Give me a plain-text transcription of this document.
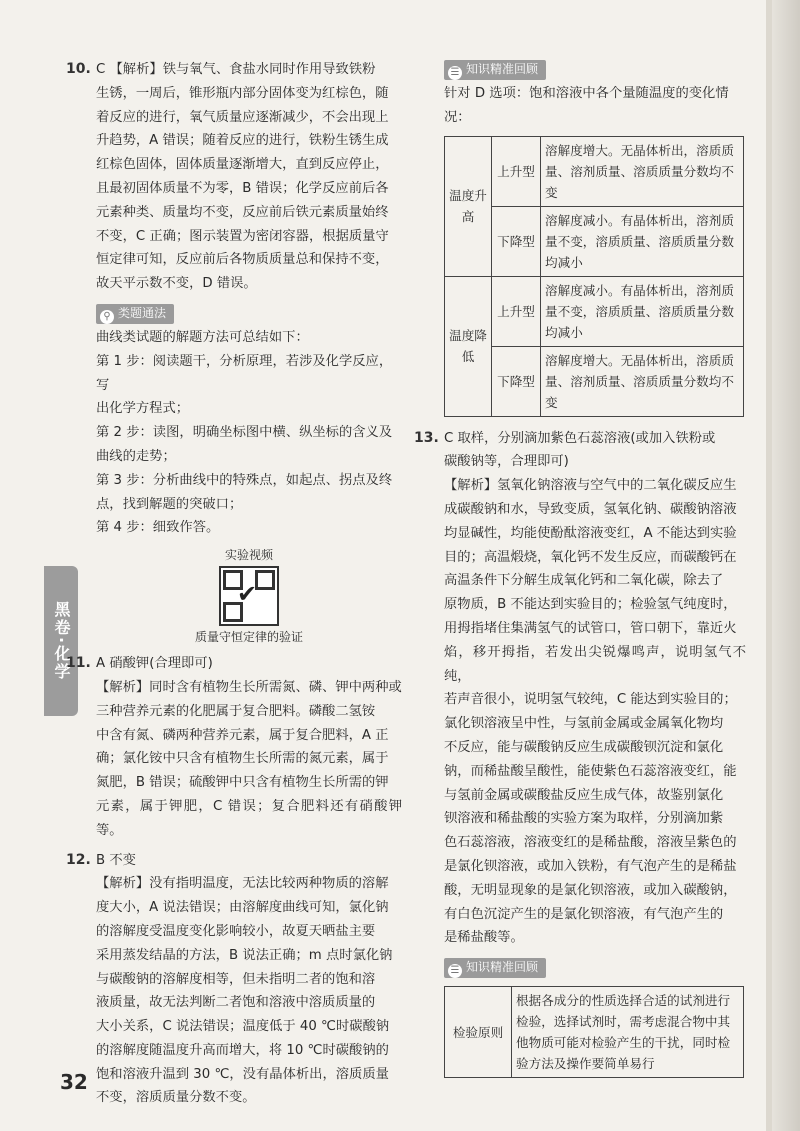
黑卷·化学
10. C 【解析】铁与氧气、食盐水同时作用导致铁粉
生锈，一周后，锥形瓶内部分固体变为红棕色，随
着反应的进行，氧气质量应逐渐减少，不会出现上
升趋势，A 错误；随着反应的进行，铁粉生锈生成
红棕色固体，固体质量逐渐增大，直到反应停止，
且最初固体质量不为零，B 错误；化学反应前后各
元素种类、质量均不变，反应前后铁元素质量始终
不变，C 正确；图示装置为密闭容器，根据质量守
恒定律可知，反应前后各物质质量总和保持不变，
故天平示数不变，D 错误。
⚲ 类题通法
曲线类试题的解题方法可总结如下：
第 1 步：阅读题干，分析原理，若涉及化学反应，写
出化学方程式；
第 2 步：读图，明确坐标图中横、纵坐标的含义及
曲线的走势；
第 3 步：分析曲线中的特殊点，如起点、拐点及终
点，找到解题的突破口；
第 4 步：细致作答。
实验视频
✔
质量守恒定律的验证
11. A 硝酸钾(合理即可)
【解析】同时含有植物生长所需氮、磷、钾中两种或
三种营养元素的化肥属于复合肥料。磷酸二氢铵
中含有氮、磷两种营养元素，属于复合肥料，A 正
确；氯化铵中只含有植物生长所需的氮元素，属于
氮肥，B 错误；硫酸钾中只含有植物生长所需的钾
元素，属于钾肥，C 错误；复合肥料还有硝酸钾等。
12. B 不变
【解析】没有指明温度，无法比较两种物质的溶解
度大小，A 说法错误；由溶解度曲线可知，氯化钠
的溶解度受温度变化影响较小，故夏天晒盐主要
采用蒸发结晶的方法，B 说法正确；m 点时氯化钠
与碳酸钠的溶解度相等，但未指明二者的饱和溶
液质量，故无法判断二者饱和溶液中溶质质量的
大小关系，C 说法错误；温度低于 40 ℃时碳酸钠
的溶解度随温度升高而增大，将 10 ℃时碳酸钠的
饱和溶液升温到 30 ℃，没有晶体析出，溶质质量
不变，溶质质量分数不变。
☰ 知识精准回顾
针对 D 选项：饱和溶液中各个量随温度的变化情况：
温度升高	上升型	溶解度增大。无晶体析出，溶质质量、溶剂质量、溶质质量分数均不变
	下降型	溶解度减小。有晶体析出，溶剂质量不变，溶质质量、溶质质量分数均减小
温度降低	上升型	溶解度减小。有晶体析出，溶剂质量不变，溶质质量、溶质质量分数均减小
	下降型	溶解度增大。无晶体析出，溶质质量、溶剂质量、溶质质量分数均不变
13. C 取样，分别滴加紫色石蕊溶液(或加入铁粉或
碳酸钠等，合理即可)
【解析】氢氧化钠溶液与空气中的二氧化碳反应生
成碳酸钠和水，导致变质，氢氧化钠、碳酸钠溶液
均显碱性，均能使酚酞溶液变红，A 不能达到实验
目的；高温煅烧，氧化钙不发生反应，而碳酸钙在
高温条件下分解生成氧化钙和二氧化碳，除去了
原物质，B 不能达到实验目的；检验氢气纯度时，
用拇指堵住集满氢气的试管口，管口朝下，靠近火
焰，移开拇指，若发出尖锐爆鸣声，说明氢气不纯，
若声音很小，说明氢气较纯，C 能达到实验目的；
氯化钡溶液呈中性，与氢前金属或金属氧化物均
不反应，能与碳酸钠反应生成碳酸钡沉淀和氯化
钠，而稀盐酸呈酸性，能使紫色石蕊溶液变红，能
与氢前金属或碳酸盐反应生成气体，故鉴别氯化
钡溶液和稀盐酸的实验方案为取样，分别滴加紫
色石蕊溶液，溶液变红的是稀盐酸，溶液呈紫色的
是氯化钡溶液，或加入铁粉，有气泡产生的是稀盐
酸，无明显现象的是氯化钡溶液，或加入碳酸钠，
有白色沉淀产生的是氯化钡溶液，有气泡产生的
是稀盐酸等。
☰ 知识精准回顾
检验原则	根据各成分的性质选择合适的试剂进行检验，选择试剂时，需考虑混合物中其他物质可能对检验产生的干扰，同时检验方法及操作要简单易行
32
